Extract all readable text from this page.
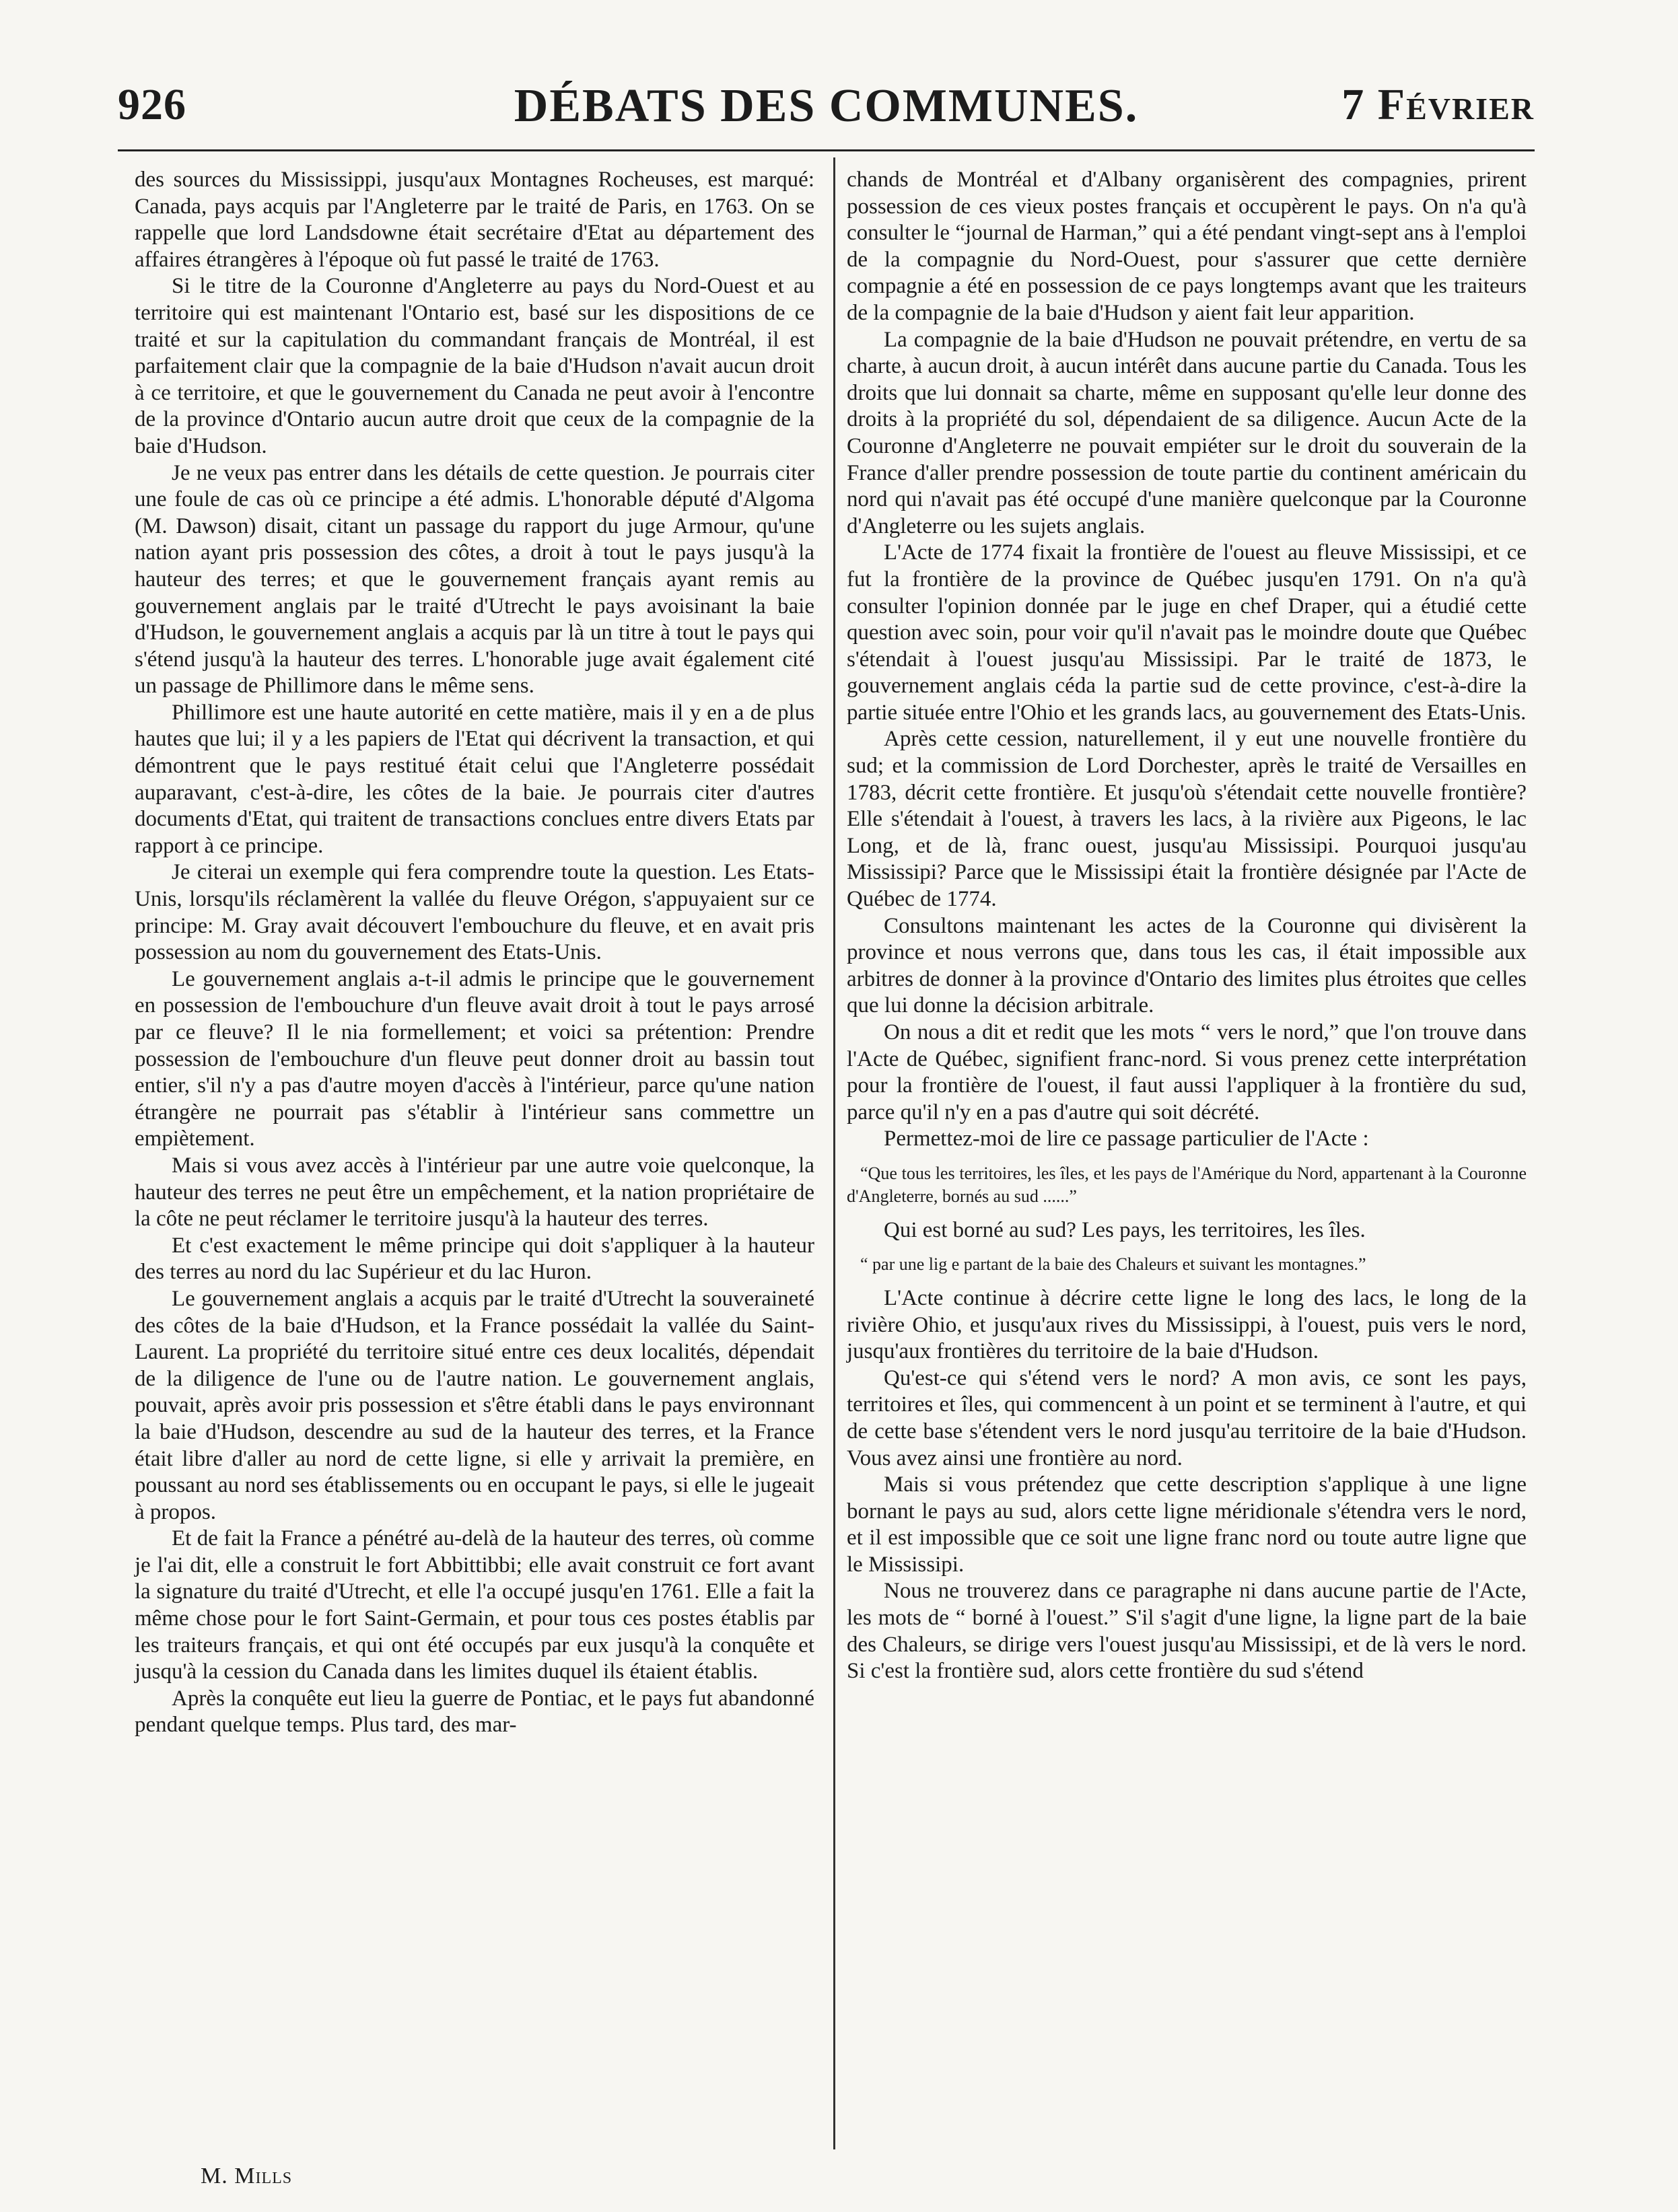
926	DÉBATS DES COMMUNES.	7 Février

des sources du Mississippi, jusqu'aux Montagnes Rocheuses, est marqué: Canada, pays acquis par l'Angleterre par le traité de Paris, en 1763. On se rappelle que lord Landsdowne était secrétaire d'Etat au département des affaires étrangères à l'époque où fut passé le traité de 1763.

Si le titre de la Couronne d'Angleterre au pays du Nord-Ouest et au territoire qui est maintenant l'Ontario est, basé sur les dispositions de ce traité et sur la capitulation du commandant français de Montréal, il est parfaitement clair que la compagnie de la baie d'Hudson n'avait aucun droit à ce territoire, et que le gouvernement du Canada ne peut avoir à l'encontre de la province d'Ontario aucun autre droit que ceux de la compagnie de la baie d'Hudson.

Je ne veux pas entrer dans les détails de cette question. Je pourrais citer une foule de cas où ce principe a été admis. L'honorable député d'Algoma (M. Dawson) disait, citant un passage du rapport du juge Armour, qu'une nation ayant pris possession des côtes, a droit à tout le pays jusqu'à la hauteur des terres; et que le gouvernement français ayant remis au gouvernement anglais par le traité d'Utrecht le pays avoisinant la baie d'Hudson, le gouvernement anglais a acquis par là un titre à tout le pays qui s'étend jusqu'à la hauteur des terres. L'honorable juge avait également cité un passage de Phillimore dans le même sens.

Phillimore est une haute autorité en cette matière, mais il y en a de plus hautes que lui; il y a les papiers de l'Etat qui décrivent la transaction, et qui démontrent que le pays restitué était celui que l'Angleterre possédait auparavant, c'est-à-dire, les côtes de la baie. Je pourrais citer d'autres documents d'Etat, qui traitent de transactions conclues entre divers Etats par rapport à ce principe.

Je citerai un exemple qui fera comprendre toute la question. Les Etats-Unis, lorsqu'ils réclamèrent la vallée du fleuve Orégon, s'appuyaient sur ce principe: M. Gray avait découvert l'embouchure du fleuve, et en avait pris possession au nom du gouvernement des Etats-Unis.

Le gouvernement anglais a-t-il admis le principe que le gouvernement en possession de l'embouchure d'un fleuve avait droit à tout le pays arrosé par ce fleuve? Il le nia formellement; et voici sa prétention: Prendre possession de l'embouchure d'un fleuve peut donner droit au bassin tout entier, s'il n'y a pas d'autre moyen d'accès à l'intérieur, parce qu'une nation étrangère ne pourrait pas s'établir à l'intérieur sans commettre un empiètement.

Mais si vous avez accès à l'intérieur par une autre voie quelconque, la hauteur des terres ne peut être un empêchement, et la nation propriétaire de la côte ne peut réclamer le territoire jusqu'à la hauteur des terres.

Et c'est exactement le même principe qui doit s'appliquer à la hauteur des terres au nord du lac Supérieur et du lac Huron.

Le gouvernement anglais a acquis par le traité d'Utrecht la souveraineté des côtes de la baie d'Hudson, et la France possédait la vallée du Saint-Laurent. La propriété du territoire situé entre ces deux localités, dépendait de la diligence de l'une ou de l'autre nation. Le gouvernement anglais, pouvait, après avoir pris possession et s'être établi dans le pays environnant la baie d'Hudson, descendre au sud de la hauteur des terres, et la France était libre d'aller au nord de cette ligne, si elle y arrivait la première, en poussant au nord ses établissements ou en occupant le pays, si elle le jugeait à propos.

Et de fait la France a pénétré au-delà de la hauteur des terres, où comme je l'ai dit, elle a construit le fort Abbittibbi; elle avait construit ce fort avant la signature du traité d'Utrecht, et elle l'a occupé jusqu'en 1761. Elle a fait la même chose pour le fort Saint-Germain, et pour tous ces postes établis par les traiteurs français, et qui ont été occupés par eux jusqu'à la conquête et jusqu'à la cession du Canada dans les limites duquel ils étaient établis.

Après la conquête eut lieu la guerre de Pontiac, et le pays fut abandonné pendant quelque temps. Plus tard, des mar-

chands de Montréal et d'Albany organisèrent des compagnies, prirent possession de ces vieux postes français et occupèrent le pays. On n'a qu'à consulter le “journal de Harman,” qui a été pendant vingt-sept ans à l'emploi de la compagnie du Nord-Ouest, pour s'assurer que cette dernière compagnie a été en possession de ce pays longtemps avant que les traiteurs de la compagnie de la baie d'Hudson y aient fait leur apparition.

La compagnie de la baie d'Hudson ne pouvait prétendre, en vertu de sa charte, à aucun droit, à aucun intérêt dans aucune partie du Canada. Tous les droits que lui donnait sa charte, même en supposant qu'elle leur donne des droits à la propriété du sol, dépendaient de sa diligence. Aucun Acte de la Couronne d'Angleterre ne pouvait empiéter sur le droit du souverain de la France d'aller prendre possession de toute partie du continent américain du nord qui n'avait pas été occupé d'une manière quelconque par la Couronne d'Angleterre ou les sujets anglais.

L'Acte de 1774 fixait la frontière de l'ouest au fleuve Mississipi, et ce fut la frontière de la province de Québec jusqu'en 1791. On n'a qu'à consulter l'opinion donnée par le juge en chef Draper, qui a étudié cette question avec soin, pour voir qu'il n'avait pas le moindre doute que Québec s'étendait à l'ouest jusqu'au Mississipi. Par le traité de 1873, le gouvernement anglais céda la partie sud de cette province, c'est-à-dire la partie située entre l'Ohio et les grands lacs, au gouvernement des Etats-Unis.

Après cette cession, naturellement, il y eut une nouvelle frontière du sud; et la commission de Lord Dorchester, après le traité de Versailles en 1783, décrit cette frontière. Et jusqu'où s'étendait cette nouvelle frontière? Elle s'étendait à l'ouest, à travers les lacs, à la rivière aux Pigeons, le lac Long, et de là, franc ouest, jusqu'au Mississipi. Pourquoi jusqu'au Mississipi? Parce que le Mississipi était la frontière désignée par l'Acte de Québec de 1774.

Consultons maintenant les actes de la Couronne qui divisèrent la province et nous verrons que, dans tous les cas, il était impossible aux arbitres de donner à la province d'Ontario des limites plus étroites que celles que lui donne la décision arbitrale.

On nous a dit et redit que les mots “ vers le nord,” que l'on trouve dans l'Acte de Québec, signifient franc-nord. Si vous prenez cette interprétation pour la frontière de l'ouest, il faut aussi l'appliquer à la frontière du sud, parce qu'il n'y en a pas d'autre qui soit décrété.

Permettez-moi de lire ce passage particulier de l'Acte :

“Que tous les territoires, les îles, et les pays de l'Amérique du Nord, appartenant à la Couronne d'Angleterre, bornés au sud ......”

Qui est borné au sud? Les pays, les territoires, les îles.

“ par une lig e partant de la baie des Chaleurs et suivant les montagnes.”

L'Acte continue à décrire cette ligne le long des lacs, le long de la rivière Ohio, et jusqu'aux rives du Mississippi, à l'ouest, puis vers le nord, jusqu'aux frontières du territoire de la baie d'Hudson.

Qu'est-ce qui s'étend vers le nord? A mon avis, ce sont les pays, territoires et îles, qui commencent à un point et se terminent à l'autre, et qui de cette base s'étendent vers le nord jusqu'au territoire de la baie d'Hudson. Vous avez ainsi une frontière au nord.

Mais si vous prétendez que cette description s'applique à une ligne bornant le pays au sud, alors cette ligne méridionale s'étendra vers le nord, et il est impossible que ce soit une ligne franc nord ou toute autre ligne que le Mississipi.

Nous ne trouverez dans ce paragraphe ni dans aucune partie de l'Acte, les mots de “ borné à l'ouest.” S'il s'agit d'une ligne, la ligne part de la baie des Chaleurs, se dirige vers l'ouest jusqu'au Mississipi, et de là vers le nord. Si c'est la frontière sud, alors cette frontière du sud s'étend

M. Mills
